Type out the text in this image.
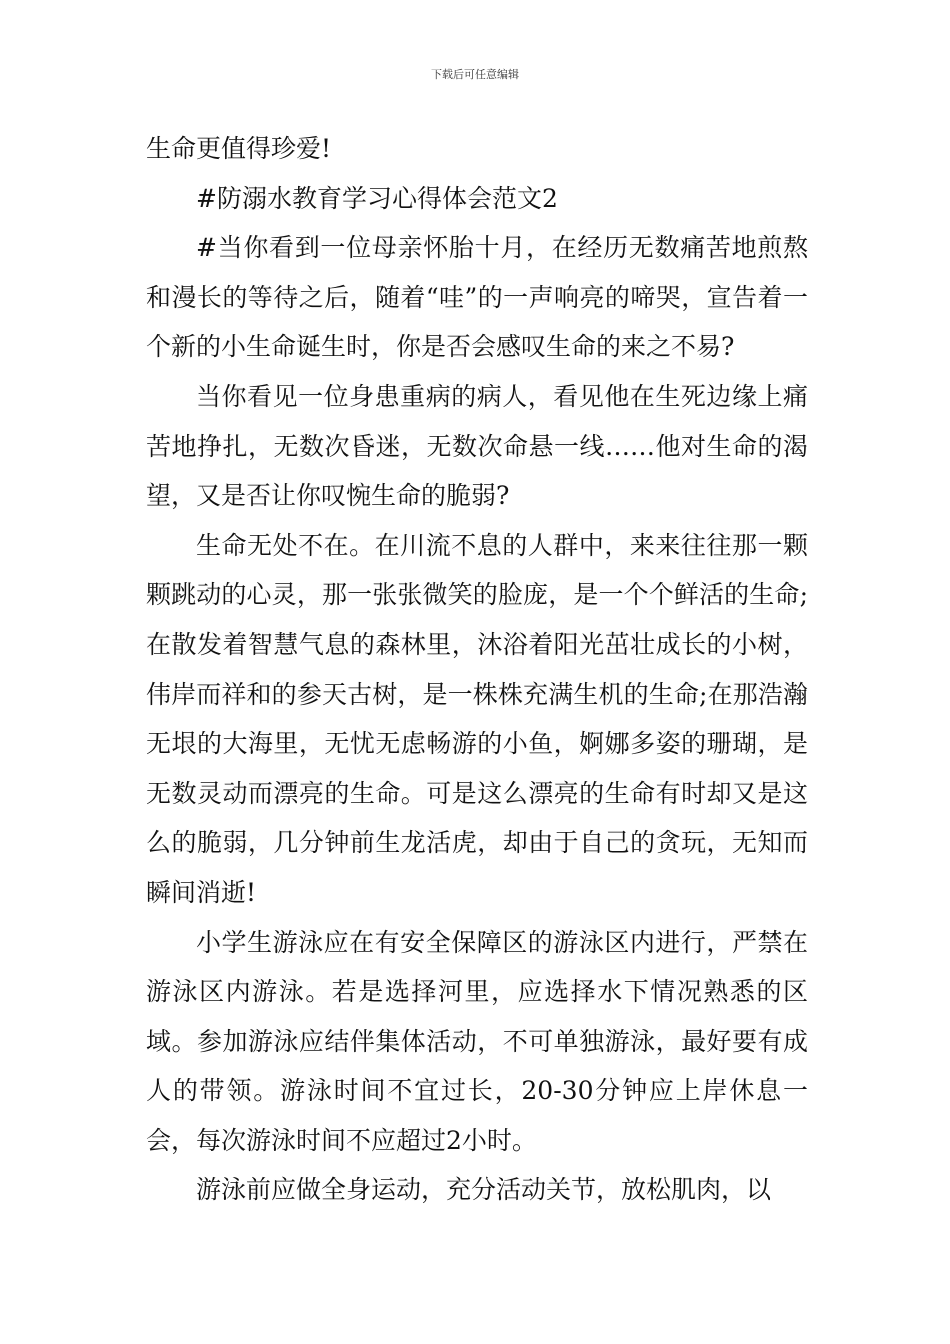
下载后可任意编辑

生命更值得珍爱!

#防溺水教育学习心得体会范文2

#当你看到一位母亲怀胎十月，在经历无数痛苦地煎熬和漫长的等待之后，随着“哇”的一声响亮的啼哭，宣告着一个新的小生命诞生时，你是否会感叹生命的来之不易?

当你看见一位身患重病的病人，看见他在生死边缘上痛苦地挣扎，无数次昏迷，无数次命悬一线……他对生命的渴望，又是否让你叹惋生命的脆弱?

生命无处不在。在川流不息的人群中，来来往往那一颗颗跳动的心灵，那一张张微笑的脸庞，是一个个鲜活的生命;在散发着智慧气息的森林里，沐浴着阳光茁壮成长的小树，伟岸而祥和的参天古树，是一株株充满生机的生命;在那浩瀚无垠的大海里，无忧无虑畅游的小鱼，婀娜多姿的珊瑚，是无数灵动而漂亮的生命。可是这么漂亮的生命有时却又是这么的脆弱，几分钟前生龙活虎，却由于自己的贪玩，无知而瞬间消逝!

小学生游泳应在有安全保障区的游泳区内进行，严禁在游泳区内游泳。若是选择河里，应选择水下情况熟悉的区域。参加游泳应结伴集体活动，不可单独游泳，最好要有成人的带领。游泳时间不宜过长，20-30分钟应上岸休息一会，每次游泳时间不应超过2小时。

游泳前应做全身运动，充分活动关节，放松肌肉，以
